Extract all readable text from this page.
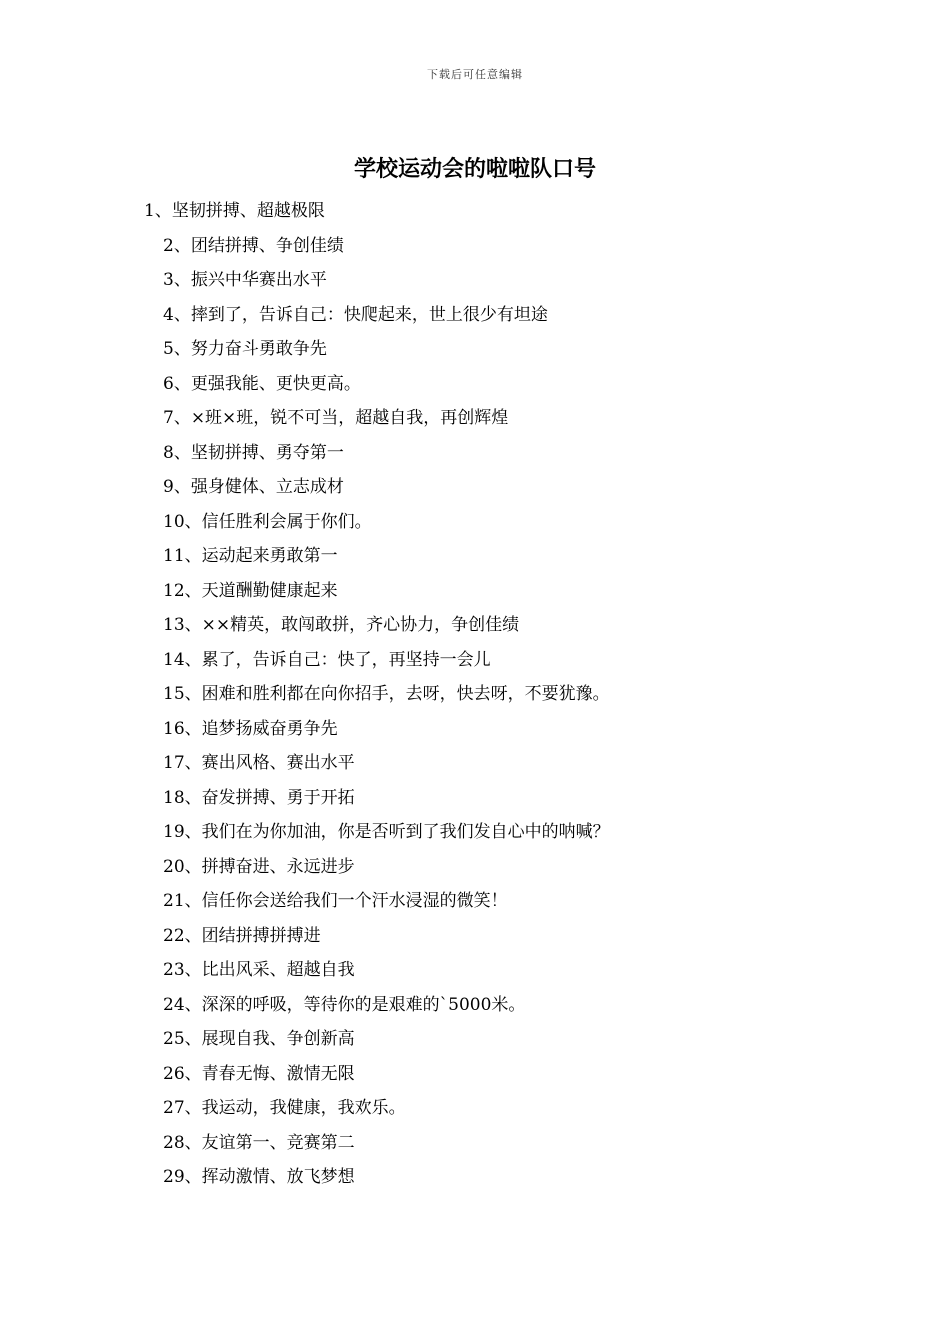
下载后可任意编辑
学校运动会的啦啦队口号
1、坚韧拼搏、超越极限
2、团结拼搏、争创佳绩
3、振兴中华赛出水平
4、摔到了，告诉自己：快爬起来，世上很少有坦途
5、努力奋斗勇敢争先
6、更强我能、更快更高。
7、×班×班，锐不可当，超越自我，再创辉煌
8、坚韧拼搏、勇夺第一
9、强身健体、立志成材
10、信任胜利会属于你们。
11、运动起来勇敢第一
12、天道酬勤健康起来
13、××精英，敢闯敢拼，齐心协力，争创佳绩
14、累了，告诉自己：快了，再坚持一会儿
15、困难和胜利都在向你招手，去呀，快去呀，不要犹豫。
16、追梦扬威奋勇争先
17、赛出风格、赛出水平
18、奋发拼搏、勇于开拓
19、我们在为你加油，你是否听到了我们发自心中的呐喊？
20、拼搏奋进、永远进步
21、信任你会送给我们一个汗水浸湿的微笑！
22、团结拼搏拼搏进
23、比出风采、超越自我
24、深深的呼吸，等待你的是艰难的`5000米。
25、展现自我、争创新高
26、青春无悔、激情无限
27、我运动，我健康，我欢乐。
28、友谊第一、竞赛第二
29、挥动激情、放飞梦想
